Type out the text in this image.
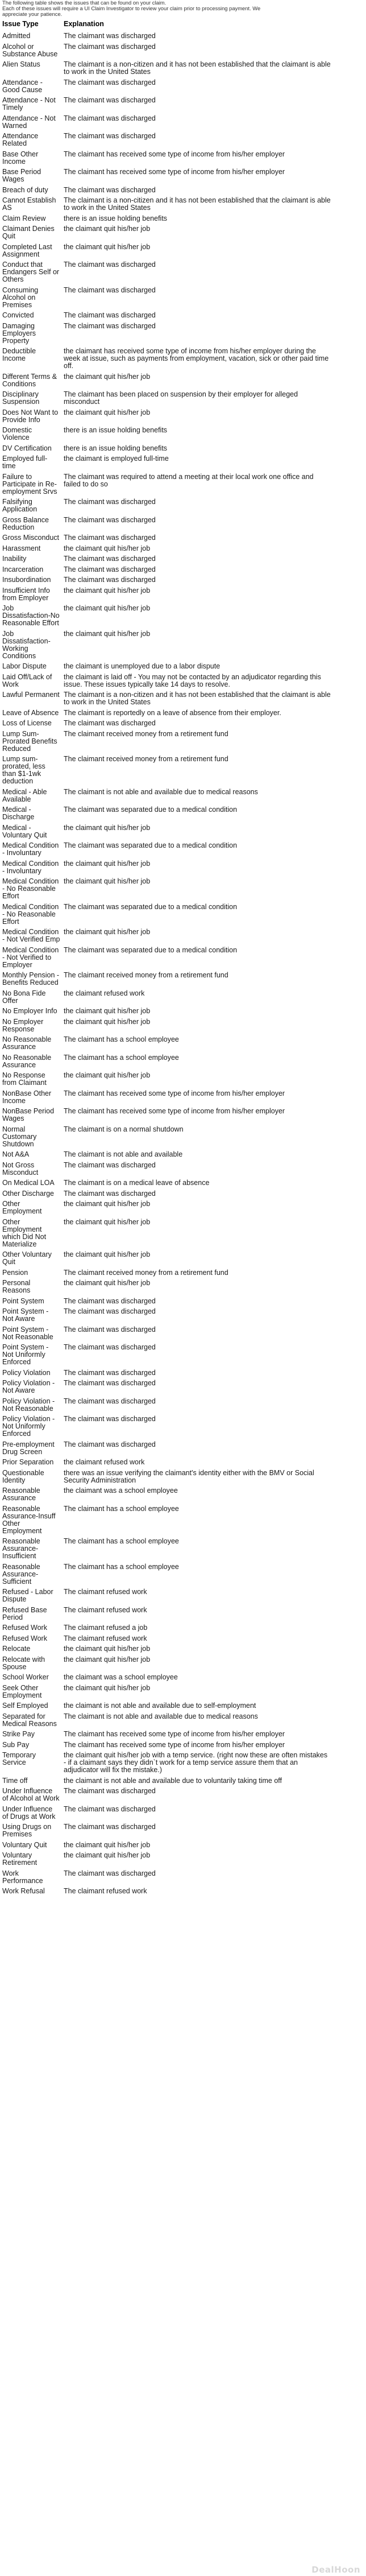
The following table shows the issues that can be found on your claim.
Each of these issues will require a UI Claim Investigator to review your claim prior to processing payment. We
appreciate your patience.

Issue Type	Explanation
Admitted	The claimant was discharged
Alcohol or Substance Abuse	The claimant was discharged
Alien Status	The claimant is a non-citizen and it has not been established that the claimant is able to work in the United States
Attendance - Good Cause	The claimant was discharged
Attendance - Not Timely	The claimant was discharged
Attendance - Not Warned	The claimant was discharged
Attendance Related	The claimant was discharged
Base Other Income	The claimant has received some type of income from his/her employer
Base Period Wages	The claimant has received some type of income from his/her employer
Breach of duty	The claimant was discharged
Cannot Establish AS	The claimant is a non-citizen and it has not been established that the claimant is able to work in the United States
Claim Review	there is an issue holding benefits
Claimant Denies Quit	the claimant quit his/her job
Completed Last Assignment	the claimant quit his/her job
Conduct that Endangers Self or Others	The claimant was discharged
Consuming Alcohol on Premises	The claimant was discharged
Convicted	The claimant was discharged
Damaging Employers Property	The claimant was discharged
Deductible Income	the claimant has received some type of income from his/her employer during the week at issue, such as payments from employment, vacation, sick or other paid time off.
Different Terms & Conditions	the claimant quit his/her job
Disciplinary Suspension	The claimant has been placed on suspension by their employer for alleged misconduct
Does Not Want to Provide Info	the claimant quit his/her job
Domestic Violence	there is an issue holding benefits
DV Certification	there is an issue holding benefits
Employed full-time	the claimant is employed full-time
Failure to Participate in Re-employment Srvs	The claimant was required to attend a meeting at their local work one office and failed to do so
Falsifying Application	The claimant was discharged
Gross Balance Reduction	The claimant was discharged
Gross Misconduct	The claimant was discharged
Harassment	the claimant quit his/her job
Inability	The claimant was discharged
Incarceration	The claimant was discharged
Insubordination	The claimant was discharged
Insufficient Info from Employer	the claimant quit his/her job
Job Dissatisfaction-No Reasonable Effort	the claimant quit his/her job
Job Dissatisfaction-Working Conditions	the claimant quit his/her job
Labor Dispute	the claimant is unemployed due to a labor dispute
Laid Off/Lack of Work	the claimant is laid off - You may not be contacted by an adjudicator regarding this issue. These issues typically take 14 days to resolve.
Lawful Permanent	The claimant is a non-citizen and it has not been established that the claimant is able to work in the United States
Leave of Absence	The claimant is reportedly on a leave of absence from their employer.
Loss of License	The claimant was discharged
Lump Sum-Prorated Benefits Reduced	The claimant received money from a retirement fund
Lump sum-prorated, less than $1-1wk deduction	The claimant received money from a retirement fund
Medical - Able Available	The claimant is not able and available due to medical reasons
Medical - Discharge	The claimant was separated due to a medical condition
Medical - Voluntary Quit	the claimant quit his/her job
Medical Condition - Involuntary	The claimant was separated due to a medical condition
Medical Condition - Involuntary	the claimant quit his/her job
Medical Condition - No Reasonable Effort	the claimant quit his/her job
Medical Condition - No Reasonable Effort	The claimant was separated due to a medical condition
Medical Condition - Not Verified Emp	the claimant quit his/her job
Medical Condition - Not Verified to Employer	The claimant was separated due to a medical condition
Monthly Pension - Benefits Reduced	The claimant received money from a retirement fund
No Bona Fide Offer	the claimant refused work
No Employer Info	the claimant quit his/her job
No Employer Response	the claimant quit his/her job
No Reasonable Assurance	The claimant has a school employee
No Reasonable Assurance	The claimant has a school employee
No Response from Claimant	the claimant quit his/her job
NonBase Other Income	The claimant has received some type of income from his/her employer
NonBase Period Wages	The claimant has received some type of income from his/her employer
Normal Customary Shutdown	The claimant is on a normal shutdown
Not A&A	The claimant is not able and available
Not Gross Misconduct	The claimant was discharged
On Medical LOA	The claimant is on a medical leave of absence
Other Discharge	The claimant was discharged
Other Employment	the claimant quit his/her job
Other Employment which Did Not Materialize	the claimant quit his/her job
Other Voluntary Quit	the claimant quit his/her job
Pension	The claimant received money from a retirement fund
Personal Reasons	the claimant quit his/her job
Point System	The claimant was discharged
Point System - Not Aware	The claimant was discharged
Point System - Not Reasonable	The claimant was discharged
Point System - Not Uniformly Enforced	The claimant was discharged
Policy Violation	The claimant was discharged
Policy Violation - Not Aware	The claimant was discharged
Policy Violation - Not Reasonable	The claimant was discharged
Policy Violation - Not Uniformly Enforced	The claimant was discharged
Pre-employment Drug Screen	The claimant was discharged
Prior Separation	the claimant refused work
Questionable Identity	there was an issue verifying the claimant's identity either with the BMV or Social Security Administration
Reasonable Assurance	the claimant was a school employee
Reasonable Assurance-Insuff Other Employment	The claimant has a school employee
Reasonable Assurance-Insufficient	The claimant has a school employee
Reasonable Assurance-Sufficient	The claimant has a school employee
Refused - Labor Dispute	The claimant refused work
Refused Base Period	The claimant refused work
Refused Work	The claimant refused a job
Refused Work	The claimant refused work
Relocate	the claimant quit his/her job
Relocate with Spouse	the claimant quit his/her job
School Worker	the claimant was a school employee
Seek Other Employment	the claimant quit his/her job
Self Employed	the claimant is not able and available due to self-employment
Separated for Medical Reasons	The claimant is not able and available due to medical reasons
Strike Pay	The claimant has received some type of income from his/her employer
Sub Pay	The claimant has received some type of income from his/her employer
Temporary Service	the claimant quit his/her job with a temp service. (right now these are often mistakes - if a claimant says they didn`t work for a temp service assure them that an adjudicator will fix the mistake.)
Time off	the claimant is not able and available due to voluntarily taking time off
Under Influence of Alcohol at Work	The claimant was discharged
Under Influence of Drugs at Work	The claimant was discharged
Using Drugs on Premises	The claimant was discharged
Voluntary Quit	the claimant quit his/her job
Voluntary Retirement	the claimant quit his/her job
Work Performance	The claimant was discharged
Work Refusal	The claimant refused work
DealHoon
